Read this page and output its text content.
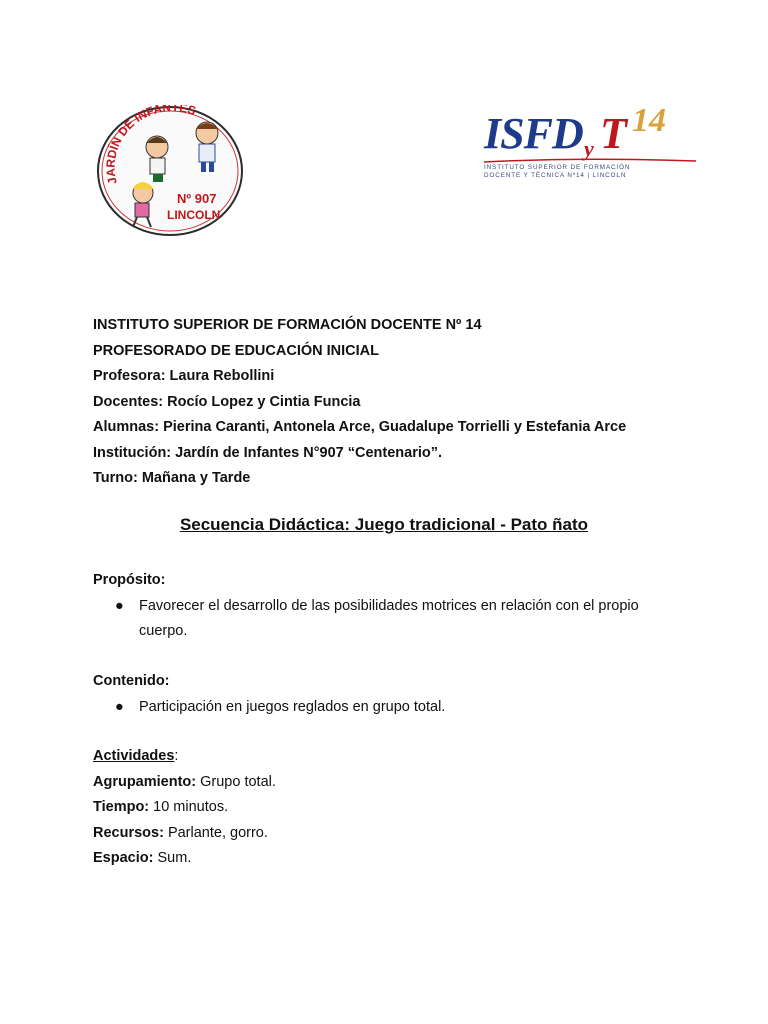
JARDÍN DE INFANTES
Nº 907
LINCOLN
ISFD y T 14
INSTITUTO SUPERIOR DE FORMACIÓN
DOCENTE Y TÉCNICA Nº14 | LINCOLN
INSTITUTO SUPERIOR DE FORMACIÓN DOCENTE Nº 14
PROFESORADO DE EDUCACIÓN INICIAL
Profesora: Laura Rebollini
Docentes: Rocío Lopez y Cintia Funcia
Alumnas: Pierina Caranti, Antonela Arce, Guadalupe Torrielli y Estefania Arce
Institución: Jardín de Infantes N°907 “Centenario”.
Turno: Mañana y Tarde
Secuencia Didáctica: Juego tradicional - Pato ñato
Propósito:
● Favorecer el desarrollo de las posibilidades motrices en relación con el propio
cuerpo.
Contenido:
● Participación en juegos reglados en grupo total.
Actividades:
Agrupamiento: Grupo total.
Tiempo: 10 minutos.
Recursos: Parlante, gorro.
Espacio: Sum.
